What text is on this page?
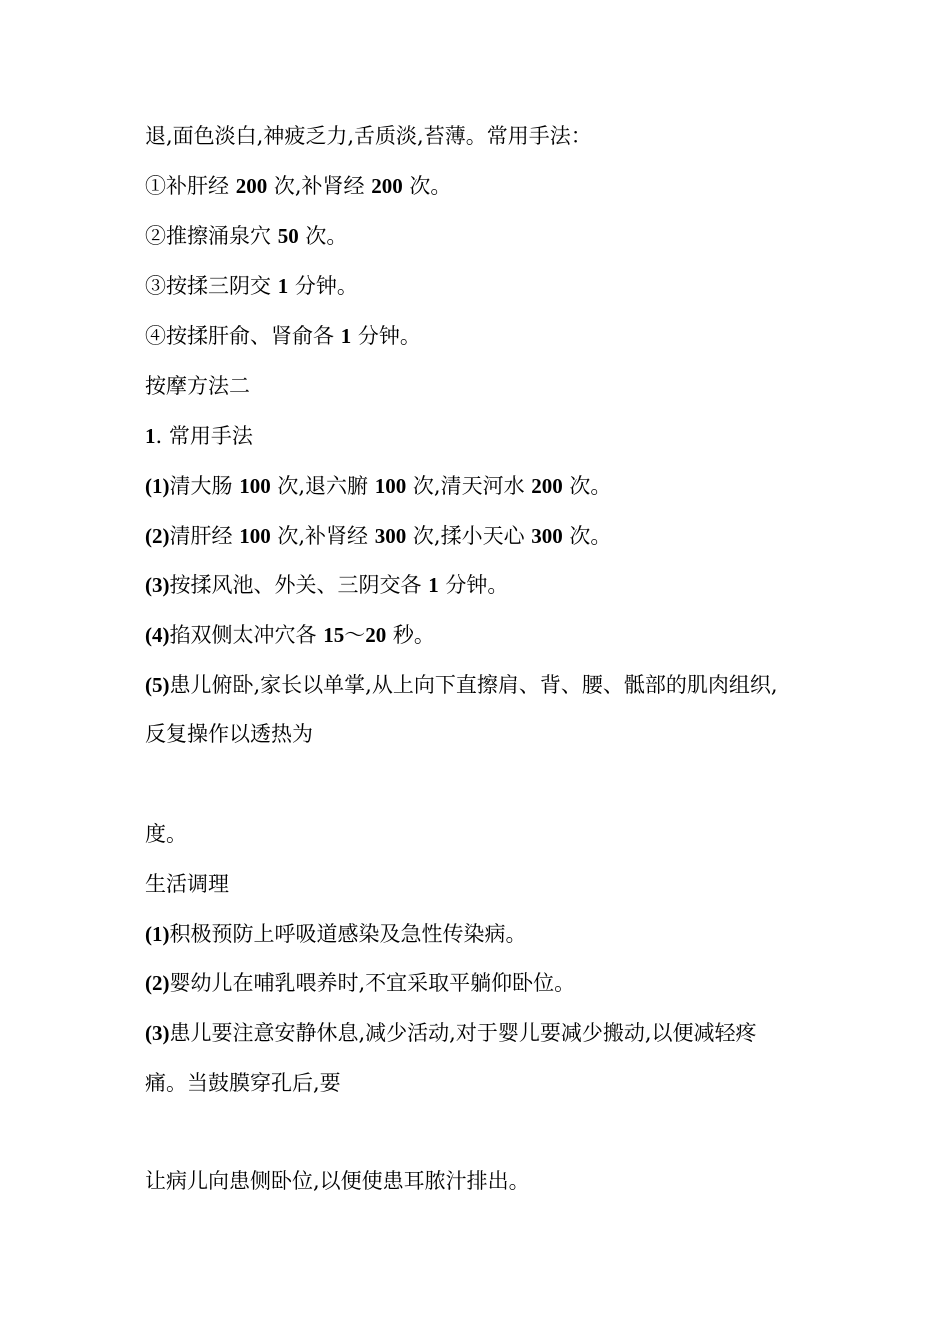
退,面色淡白,神疲乏力,舌质淡,苔薄。常用手法：

①补肝经 200 次,补肾经 200 次。

②推擦涌泉穴 50 次。

③按揉三阴交 1 分钟。

④按揉肝俞、肾俞各 1 分钟。

按摩方法二

1. 常用手法

(1)清大肠 100 次,退六腑 100 次,清天河水 200 次。

(2)清肝经 100 次,补肾经 300 次,揉小天心 300 次。

(3)按揉风池、外关、三阴交各 1 分钟。

(4)掐双侧太冲穴各 15～20 秒。

(5)患儿俯卧,家长以单掌,从上向下直擦肩、背、腰、骶部的肌肉组织,

反复操作以透热为

度。

生活调理

(1)积极预防上呼吸道感染及急性传染病。

(2)婴幼儿在哺乳喂养时,不宜采取平躺仰卧位。

(3)患儿要注意安静休息,减少活动,对于婴儿要减少搬动,以便减轻疼

痛。当鼓膜穿孔后,要

让病儿向患侧卧位,以便使患耳脓汁排出。
